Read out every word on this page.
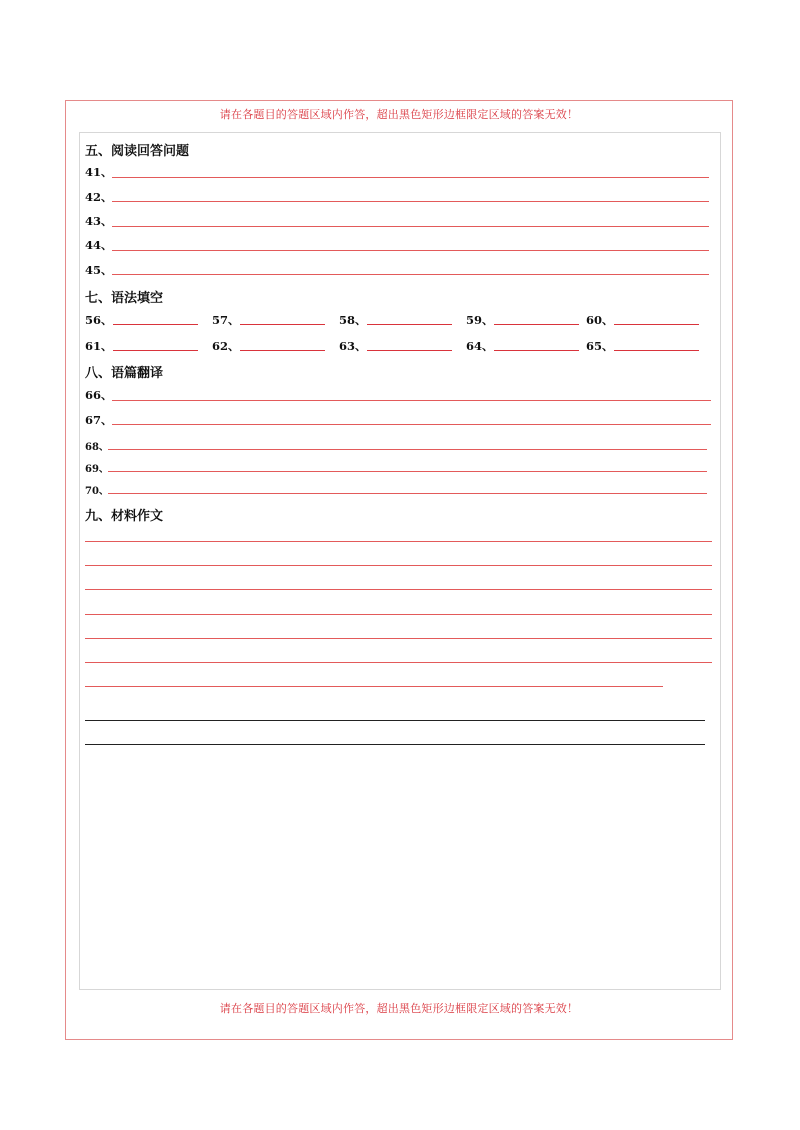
请在各题目的答题区域内作答，超出黑色矩形边框限定区域的答案无效！
请在各题目的答题区域内作答，超出黑色矩形边框限定区域的答案无效！
五、阅读回答问题
41、
42、
43、
44、
45、
七、语法填空
56、	57、	58、	59、	60、
61、	62、	63、	64、	65、
八、语篇翻译
66、
67、
68、
69、
70、
九、材料作文
